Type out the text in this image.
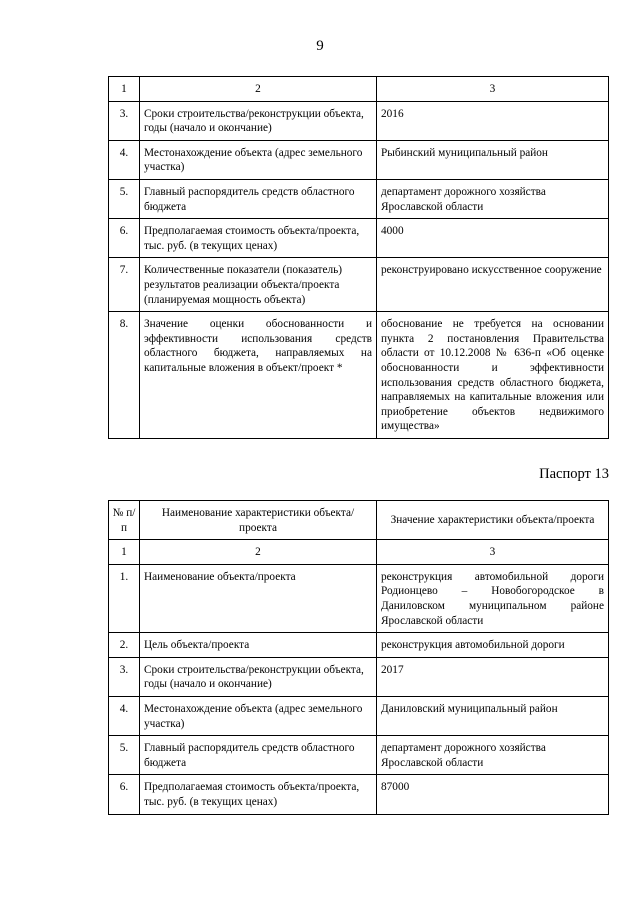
9
1	2	3
3.	Сроки строительства/реконструкции объекта, годы (начало и окончание)	2016
4.	Местонахождение объекта (адрес земельного участка)	Рыбинский муниципальный район
5.	Главный распорядитель средств областного бюджета	департамент дорожного хозяйства Ярославской области
6.	Предполагаемая стоимость объекта/проекта, тыс. руб. (в текущих ценах)	4000
7.	Количественные показатели (показатель) результатов реализации объекта/проекта (планируемая мощность объекта)	реконструировано искусственное сооружение
8.	Значение оценки обоснованности и эффективности использования средств областного бюджета, направляемых на капитальные вложения в объект/проект *	обоснование не требуется на основании пункта 2 постановления Правительства области от 10.12.2008 № 636-п «Об оценке обоснованности и эффективности использования средств областного бюджета, направляемых на капитальные вложения или приобретение объектов недвижимого имущества»
Паспорт 13
№ п/п	Наименование характеристики объекта/проекта	Значение характеристики объекта/проекта
1	2	3
1.	Наименование объекта/проекта	реконструкция автомобильной дороги Родионцево – Новобогородское в Даниловском муниципальном районе Ярославской области
2.	Цель объекта/проекта	реконструкция автомобильной дороги
3.	Сроки строительства/реконструкции объекта, годы (начало и окончание)	2017
4.	Местонахождение объекта (адрес земельного участка)	Даниловский муниципальный район
5.	Главный распорядитель средств областного бюджета	департамент дорожного хозяйства Ярославской области
6.	Предполагаемая стоимость объекта/проекта, тыс. руб. (в текущих ценах)	87000
